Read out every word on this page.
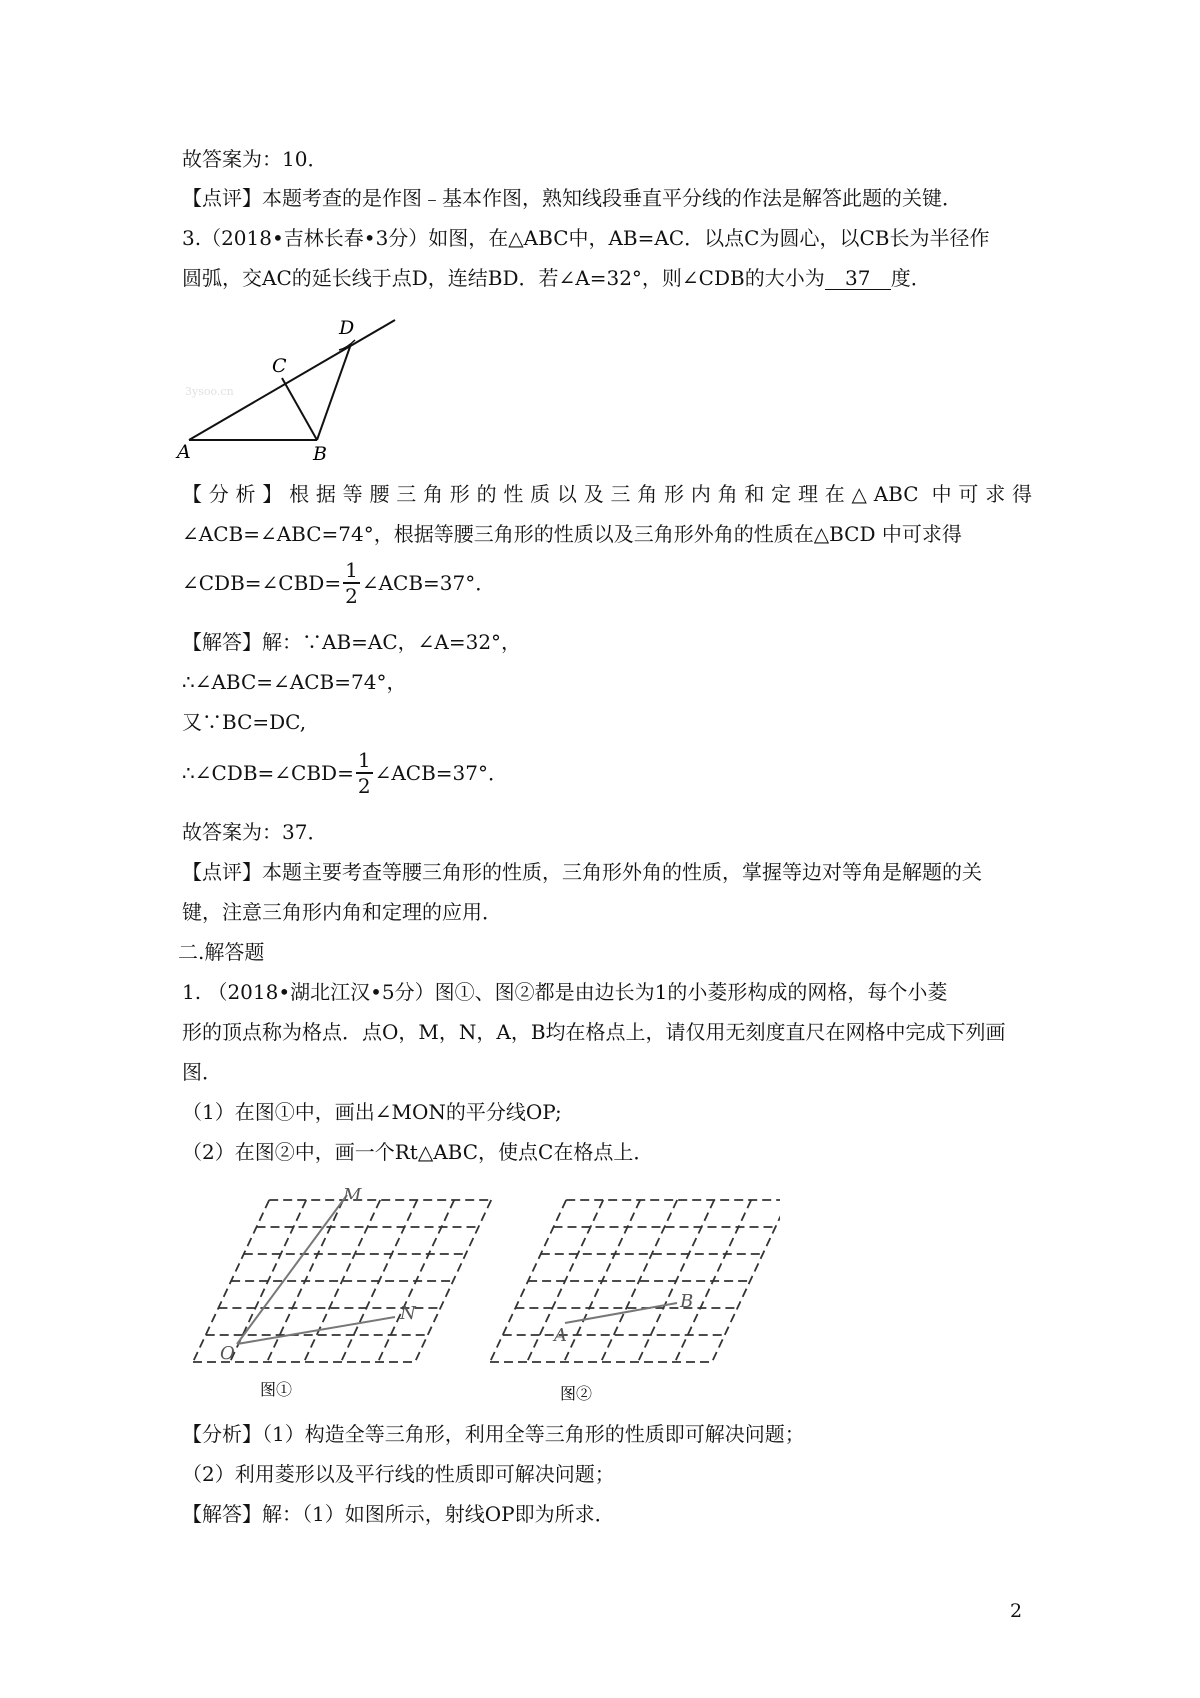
故答案为：10．
【点评】本题考查的是作图﹣基本作图，熟知线段垂直平分线的作法是解答此题的关键．
3.（2018•吉林长春•3分）如图，在△ABC中，AB=AC．以点C为圆心，以CB长为半径作
圆弧，交AC的延长线于点D，连结BD．若∠A=32°，则∠CDB的大小为 37 度．
3ysoo.cn
A	B
C
D
【分析】根据等腰三角形的性质以及三角形内角和定理在△ABC 中可求得
∠ACB=∠ABC=74°，根据等腰三角形的性质以及三角形外角的性质在△BCD 中可求得
∠CDB=∠CBD= $\frac{1}{2}$ ∠ACB=37°．
【解答】解：∵AB=AC，∠A=32°，
∴∠ABC=∠ACB=74°，
又∵BC=DC,
∴∠CDB=∠CBD= $\frac{1}{2}$ ∠ACB=37°．
故答案为：37．
【点评】本题主要考查等腰三角形的性质，三角形外角的性质，掌握等边对等角是解题的关
键，注意三角形内角和定理的应用．
二.解答题
1. （2018•湖北江汉•5分）图①、图②都是由边长为1的小菱形构成的网格，每个小菱
形的顶点称为格点．点O，M，N，A，B均在格点上，请仅用无刻度直尺在网格中完成下列画
图．
（1）在图①中，画出∠MON的平分线OP;
（2）在图②中，画一个Rt△ABC，使点C在格点上．
M
N
O
A
B
图①	图②
【分析】（1）构造全等三角形，利用全等三角形的性质即可解决问题；
（2）利用菱形以及平行线的性质即可解决问题；
【解答】解：（1）如图所示，射线OP即为所求．
2
